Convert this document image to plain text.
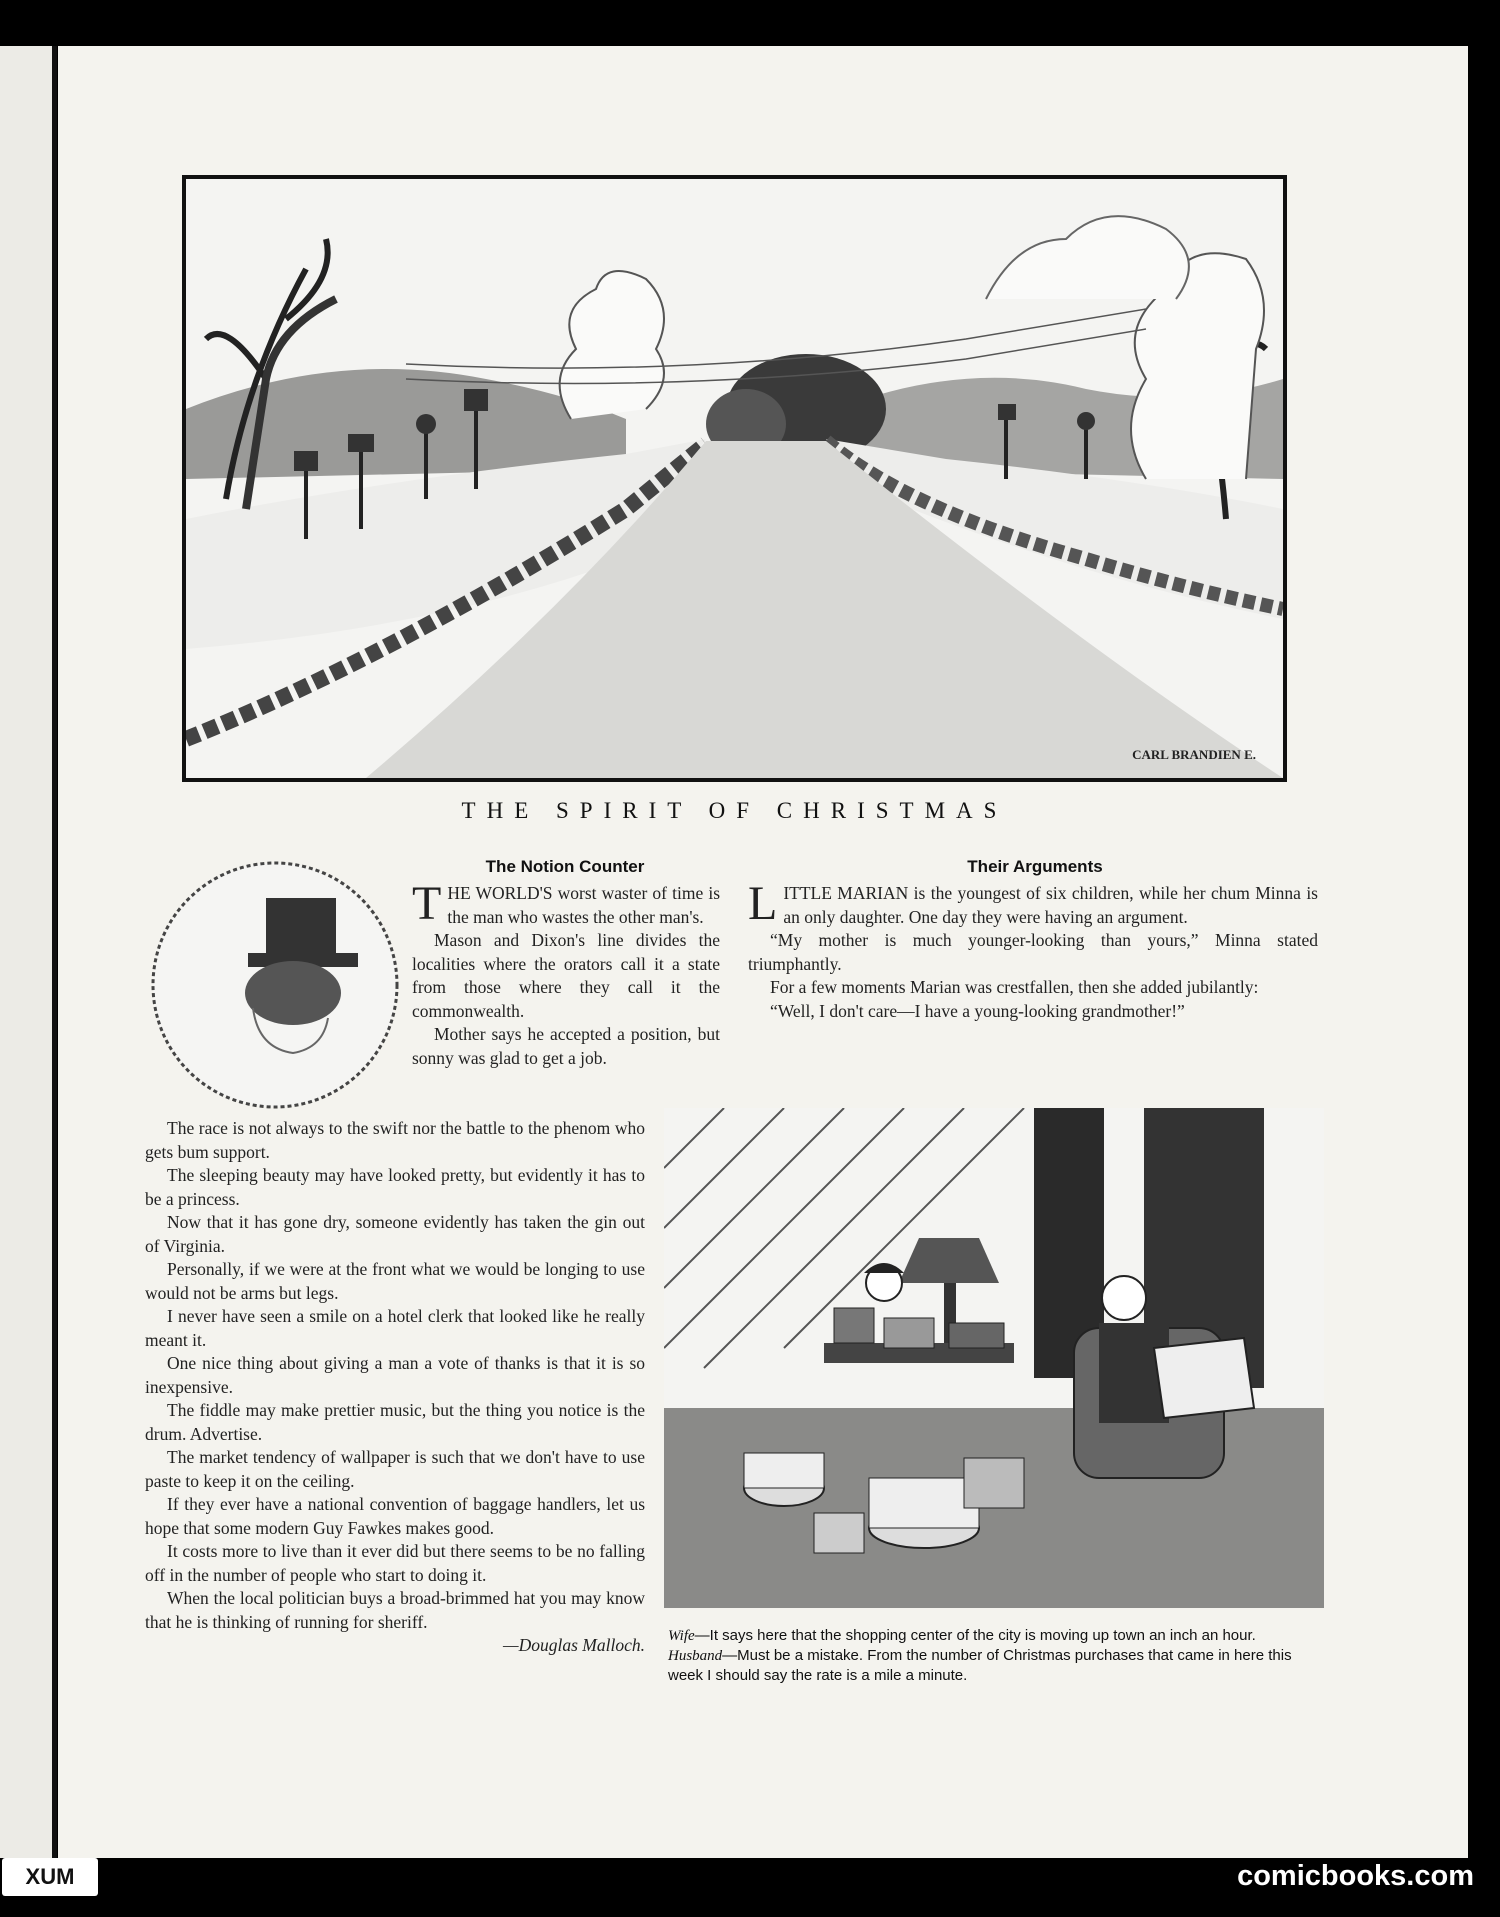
CARL BRANDIEN E.
THE SPIRIT OF CHRISTMAS
The Notion Counter

THE WORLD'S worst waster of time is the man who wastes the other man's.

Mason and Dixon's line divides the localities where the orators call it a state from those where they call it the commonwealth.

Mother says he accepted a position, but sonny was glad to get a job.

The race is not always to the swift nor the battle to the phenom who gets bum support.

The sleeping beauty may have looked pretty, but evidently it has to be a princess.

Now that it has gone dry, someone evidently has taken the gin out of Virginia.

Personally, if we were at the front what we would be longing to use would not be arms but legs.

I never have seen a smile on a hotel clerk that looked like he really meant it.

One nice thing about giving a man a vote of thanks is that it is so inexpensive.

The fiddle may make prettier music, but the thing you notice is the drum. Advertise.

The market tendency of wallpaper is such that we don't have to use paste to keep it on the ceiling.

If they ever have a national convention of baggage handlers, let us hope that some modern Guy Fawkes makes good.

It costs more to live than it ever did but there seems to be no falling off in the number of people who start to doing it.

When the local politician buys a broad-brimmed hat you may know that he is thinking of running for sheriff.

—Douglas Malloch.

Their Arguments

LITTLE MARIAN is the youngest of six children, while her chum Minna is an only daughter. One day they were having an argument.

“My mother is much younger-looking than yours,” Minna stated triumphantly.

For a few moments Marian was crestfallen, then she added jubilantly:

“Well, I don't care—I have a young-looking grandmother!”

Wife—It says here that the shopping center of the city is moving up town an inch an hour.
Husband—Must be a mistake. From the number of Christmas purchases that came in here this week I should say the rate is a mile a minute.
XUM	comicbooks.com
